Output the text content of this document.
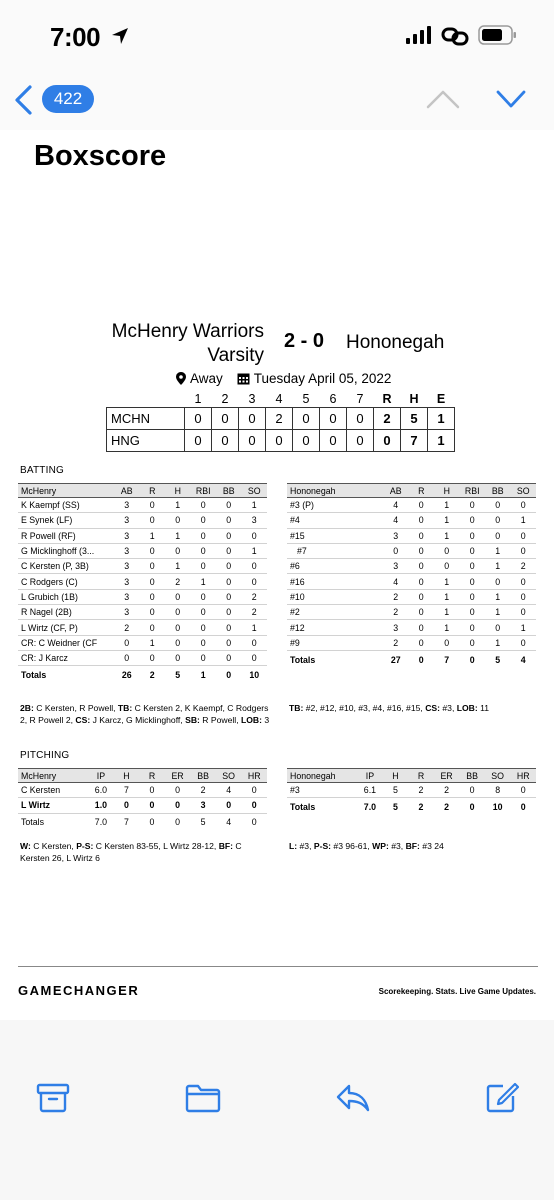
7:00
422
Boxscore
McHenry Warriors
Varsity
2 - 0 Hononegah
Away Tuesday April 05, 2022
	1	2	3	4	5	6	7	R	H	E
MCHN	0	0	0	2	0	0	0	2	5	1
HNG	0	0	0	0	0	0	0	0	7	1
BATTING
McHenry	AB	R	H	RBI	BB	SO
K Kaempf (SS)	3	0	1	0	0	1
E Synek (LF)	3	0	0	0	0	3
R Powell (RF)	3	1	1	0	0	0
G Micklinghoff (3...	3	0	0	0	0	1
C Kersten (P, 3B)	3	0	1	0	0	0
C Rodgers (C)	3	0	2	1	0	0
L Grubich (1B)	3	0	0	0	0	2
R Nagel (2B)	3	0	0	0	0	2
L Wirtz (CF, P)	2	0	0	0	0	1
CR: C Weidner (CF	0	1	0	0	0	0
CR: J Karcz	0	0	0	0	0	0
Totals	26	2	5	1	0	10
Hononegah	AB	R	H	RBI	BB	SO
#3 (P)	4	0	1	0	0	0
#4	4	0	1	0	0	1
#15	3	0	1	0	0	0
#7	0	0	0	0	1	0
#6	3	0	0	0	1	2
#16	4	0	1	0	0	0
#10	2	0	1	0	1	0
#2	2	0	1	0	1	0
#12	3	0	1	0	0	1
#9	2	0	0	0	1	0
Totals	27	0	7	0	5	4
2B: C Kersten, R Powell, TB: C Kersten 2, K Kaempf, C Rodgers 2, R Powell 2, CS: J Karcz, G Micklinghoff, SB: R Powell, LOB: 3
TB: #2, #12, #10, #3, #4, #16, #15, CS: #3, LOB: 11
PITCHING
McHenry	IP	H	R	ER	BB	SO	HR
C Kersten	6.0	7	0	0	2	4	0
L Wirtz	1.0	0	0	0	3	0	0
Totals	7.0	7	0	0	5	4	0
Hononegah	IP	H	R	ER	BB	SO	HR
#3	6.1	5	2	2	0	8	0
Totals	7.0	5	2	2	0	10	0
W: C Kersten, P-S: C Kersten 83-55, L Wirtz 28-12, BF: C Kersten 26, L Wirtz 6
L: #3, P-S: #3 96-61, WP: #3, BF: #3 24
GAMECHANGER	Scorekeeping. Stats. Live Game Updates.
